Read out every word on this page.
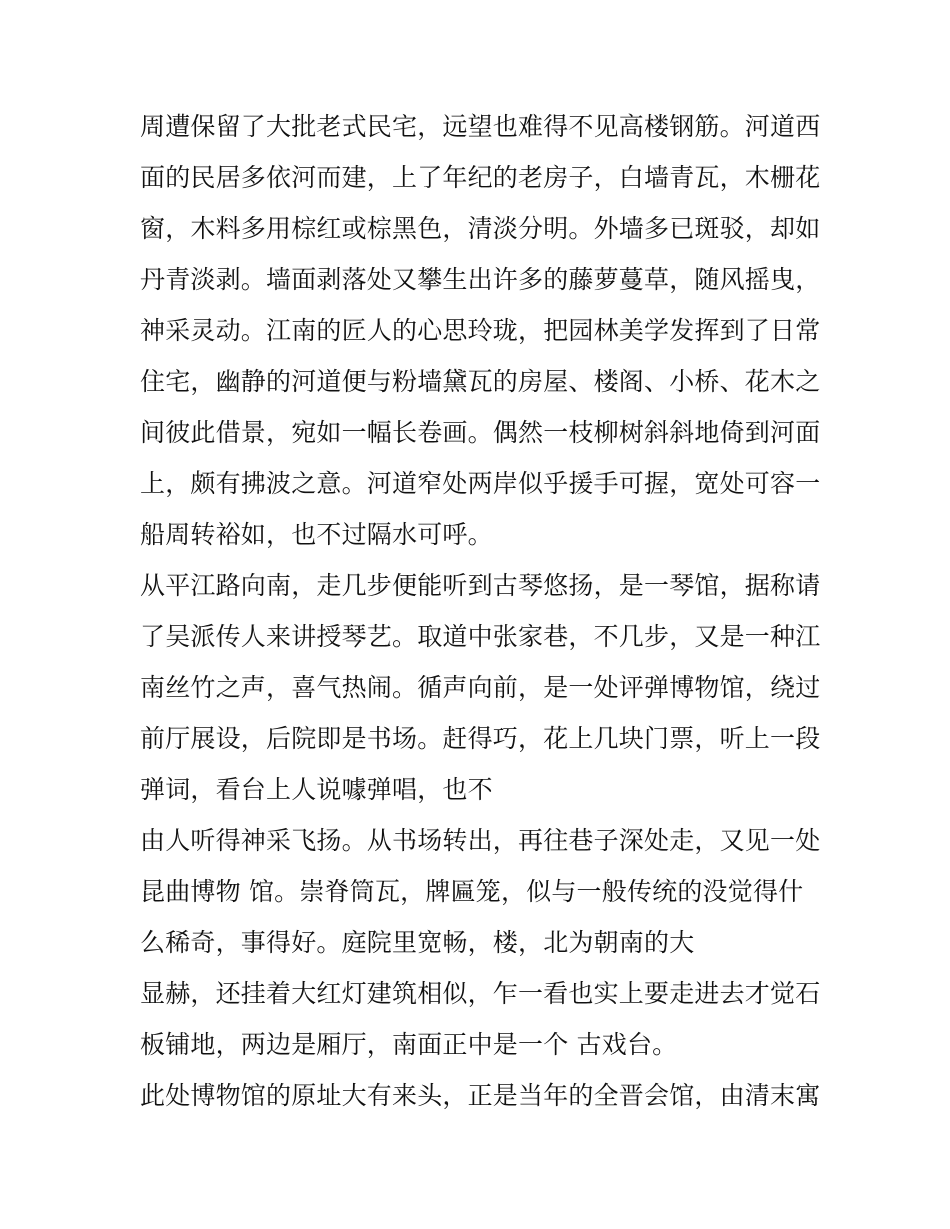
周遭保留了大批老式民宅，远望也难得不见高楼钢筋。河道西
面的民居多依河而建，上了年纪的老房子，白墙青瓦，木栅花
窗，木料多用棕红或棕黑色，清淡分明。外墙多已斑驳，却如
丹青淡剥。墙面剥落处又攀生出许多的藤萝蔓草，随风摇曳，
神采灵动。江南的匠人的心思玲珑，把园林美学发挥到了日常
住宅，幽静的河道便与粉墙黛瓦的房屋、楼阁、小桥、花木之
间彼此借景，宛如一幅长卷画。偶然一枝柳树斜斜地倚到河面
上，颇有拂波之意。河道窄处两岸似乎援手可握，宽处可容一
船周转裕如，也不过隔水可呼。
从平江路向南，走几步便能听到古琴悠扬，是一琴馆，据称请
了吴派传人来讲授琴艺。取道中张家巷，不几步，又是一种江
南丝竹之声，喜气热闹。循声向前，是一处评弹博物馆，绕过
前厅展设，后院即是书场。赶得巧，花上几块门票，听上一段
弹词，看台上人说噱弹唱，也不
由人听得神采飞扬。从书场转出，再往巷子深处走，又见一处
昆曲博物 馆。崇脊筒瓦，牌匾笼，似与一般传统的没觉得什
么稀奇，事得好。庭院里宽畅，楼，北为朝南的大
显赫，还挂着大红灯建筑相似，乍一看也实上要走进去才觉石
板铺地，两边是厢厅，南面正中是一个 古戏台。
此处博物馆的原址大有来头，正是当年的全晋会馆，由清末寓
